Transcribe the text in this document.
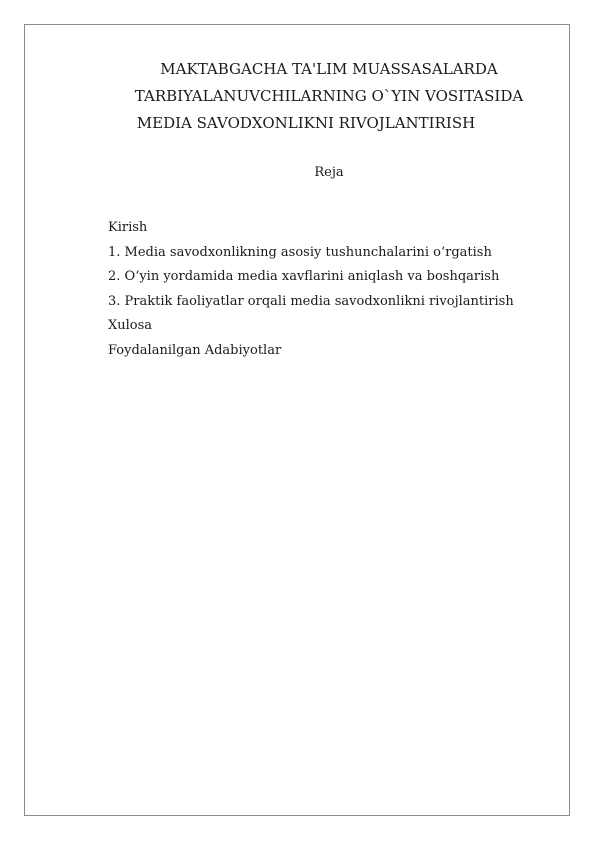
MAKTABGACHA TA'LIM MUASSASALARDA
TARBIYALANUVCHILARNING O`YIN VOSITASIDA
MEDIA SAVODXONLIKNI RIVOJLANTIRISH
Reja
Kirish
1. Media savodxonlikning asosiy tushunchalarini o‘rgatish
2. O‘yin yordamida media xavflarini aniqlash va boshqarish
3. Praktik faoliyatlar orqali media savodxonlikni rivojlantirish
Xulosa
Foydalanilgan Adabiyotlar
